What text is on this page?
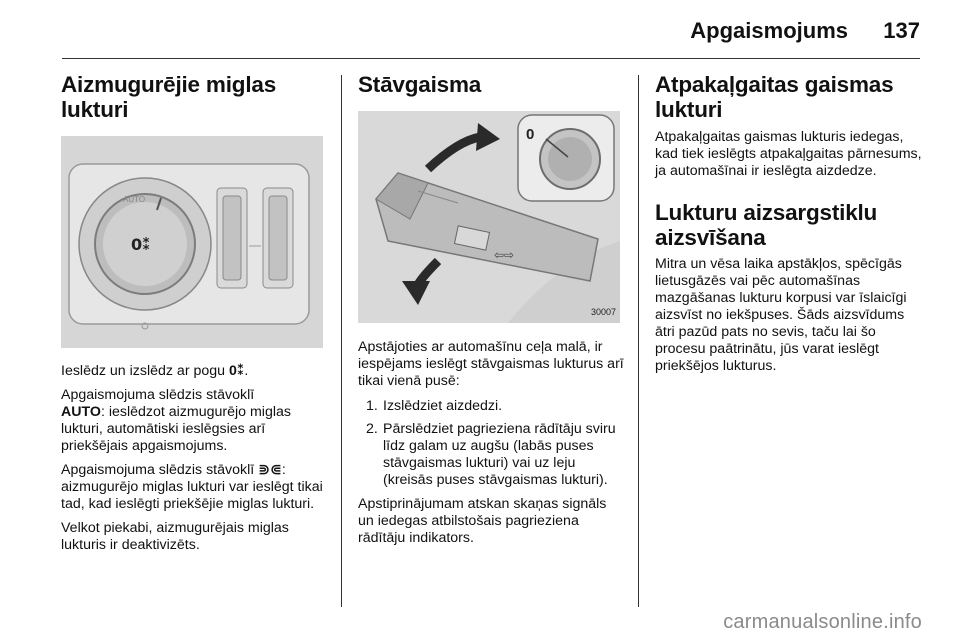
Apgaismojums 137
Aizmugurējie miglas lukturi
AUTO
0⁑

Ieslēdz un izslēdz ar pogu 0⁑.

Apgaismojuma slēdzis stāvoklī
AUTO: ieslēdzot aizmugurējo miglas lukturi, automātiski ieslēgsies arī priekšējais apgaismojums.

Apgaismojuma slēdzis stāvoklī ⋑⋐: aizmugurējo miglas lukturi var ieslēgt tikai tad, kad ieslēgti priekšējie miglas lukturi.

Velkot piekabi, aizmugurējais miglas lukturis ir deaktivizēts.

Stāvgaisma
⇦⇨
0
30007

Apstājoties ar automašīnu ceļa malā, ir iespējams ieslēgt stāvgaismas lukturus arī tikai vienā pusē:

1. Izslēdziet aizdedzi.
2. Pārslēdziet pagrieziena rādītāju sviru līdz galam uz augšu (labās puses stāvgaismas lukturi) vai uz leju (kreisās puses stāvgaismas lukturi).

Apstiprinājumam atskan skaņas signāls un iedegas atbilstošais pagrieziena rādītāju indikators.

Atpakaļgaitas gaismas lukturi

Atpakaļgaitas gaismas lukturis iedegas, kad tiek ieslēgts atpakaļgaitas pārnesums, ja automašīnai ir ieslēgta aizdedze.

Lukturu aizsargstiklu aizsvīšana

Mitra un vēsa laika apstākļos, spēcīgās lietusgāzēs vai pēc automašīnas mazgāšanas lukturu korpusi var īslaicīgi aizsvīst no iekšpuses. Šāds aizsvīdums ātri pazūd pats no sevis, taču lai šo procesu paātrinātu, jūs varat ieslēgt priekšējos lukturus.

carmanualsonline.info
